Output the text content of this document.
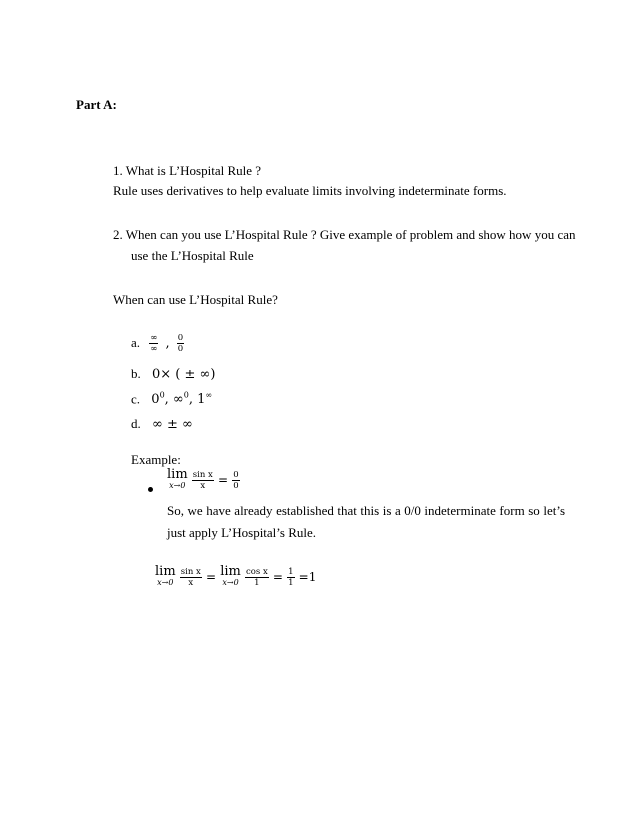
Part A:
1. What is L’Hospital Rule ?
Rule uses derivatives to help evaluate limits involving indeterminate forms.
2. When can you use L’Hospital Rule ? Give example of problem and show how you can
use the L’Hospital Rule
When can use L’Hospital Rule?
a. $\frac{\infty}{\infty}$ , $\frac{0}{0}$
b. 0× ( ± ∞)
c. $0^0$, ∞$^0$, 1∞
d. ∞ ± ∞
Example:
lim
x→0
$\frac{\text{sin x}}{x} = \frac{0}{0}$
So, we have already established that this is a 0/0 indeterminate form so let’s
just apply L’Hospital’s Rule.
lim
x→0
$\frac{\text{sin x}}{x} = \lim$
x→0
$\frac{\text{cos x}}{1} = \frac{1}{1} =1$
